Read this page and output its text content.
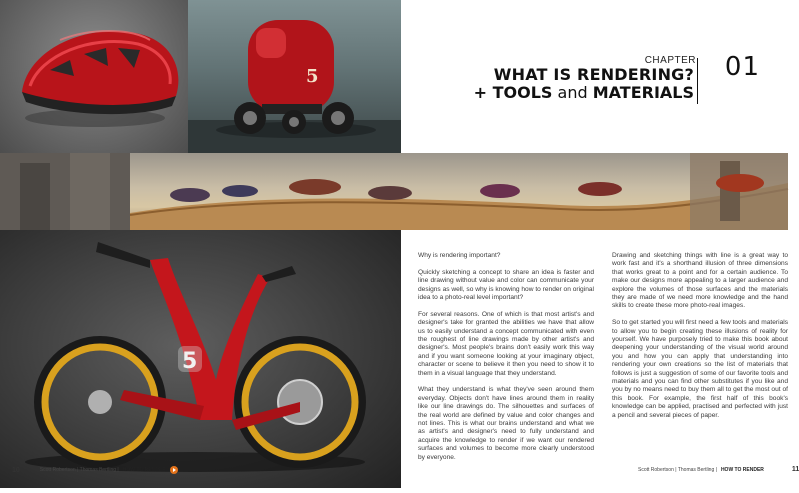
5
CHAPTER
WHAT IS RENDERING?
+ TOOLS and MATERIALS
01
5

Why is rendering important?

Quickly sketching a concept to share an idea is faster and line drawing without value and color can communicate your designs as well, so why is knowing how to render on original idea to a photo-real level important?

For several reasons. One of which is that most artist's and designer's take for granted the abilities we have that allow us to easily understand a concept communicated with even the roughest of line drawings made by other artist's and designer's. Most people's brains don't easily work this way and if you want someone looking at your imaginary object, character or scene to believe it then you need to show it to them in a visual language that they understand.

What they understand is what they've seen around them everyday. Objects don't have lines around them in reality like our line drawings do. The silhouettes and surfaces of the real world are defined by value and color changes and not lines. This is what our brains understand and what we as artist's and designer's need to fully understand and acquire the knowledge to render if we want our rendered surfaces and volumes to become more clearly understood by everyone.

Drawing and sketching things with line is a great way to work fast and it's a shorthand illusion of three dimensions that works great to a point and for a certain audience. To make our designs more appealing to a larger audience and explore the volumes of those surfaces and the materials they are made of we need more knowledge and the hand skills to create these more photo-real images.

So to get started you will first need a few tools and materials to allow you to begin creating these illusions of reality for yourself. We have purposely tried to make this book about deepening your understanding of the visual world around you and how you can apply that understanding into rendering your own creations so the list of materials that follows is just a suggestion of some of our favorite tools and materials and you can find other substitutes if you like and you by no means need to buy them all to get the most out of this book. For example, the first half of this book's knowledge can be applied, practised and perfected with just a pencil and several pieces of paper.

10	Scott Robertson | Thomas Bertling | HOW TO RENDER	Scott Robertson | Thomas Bertling | HOW TO RENDER	11
